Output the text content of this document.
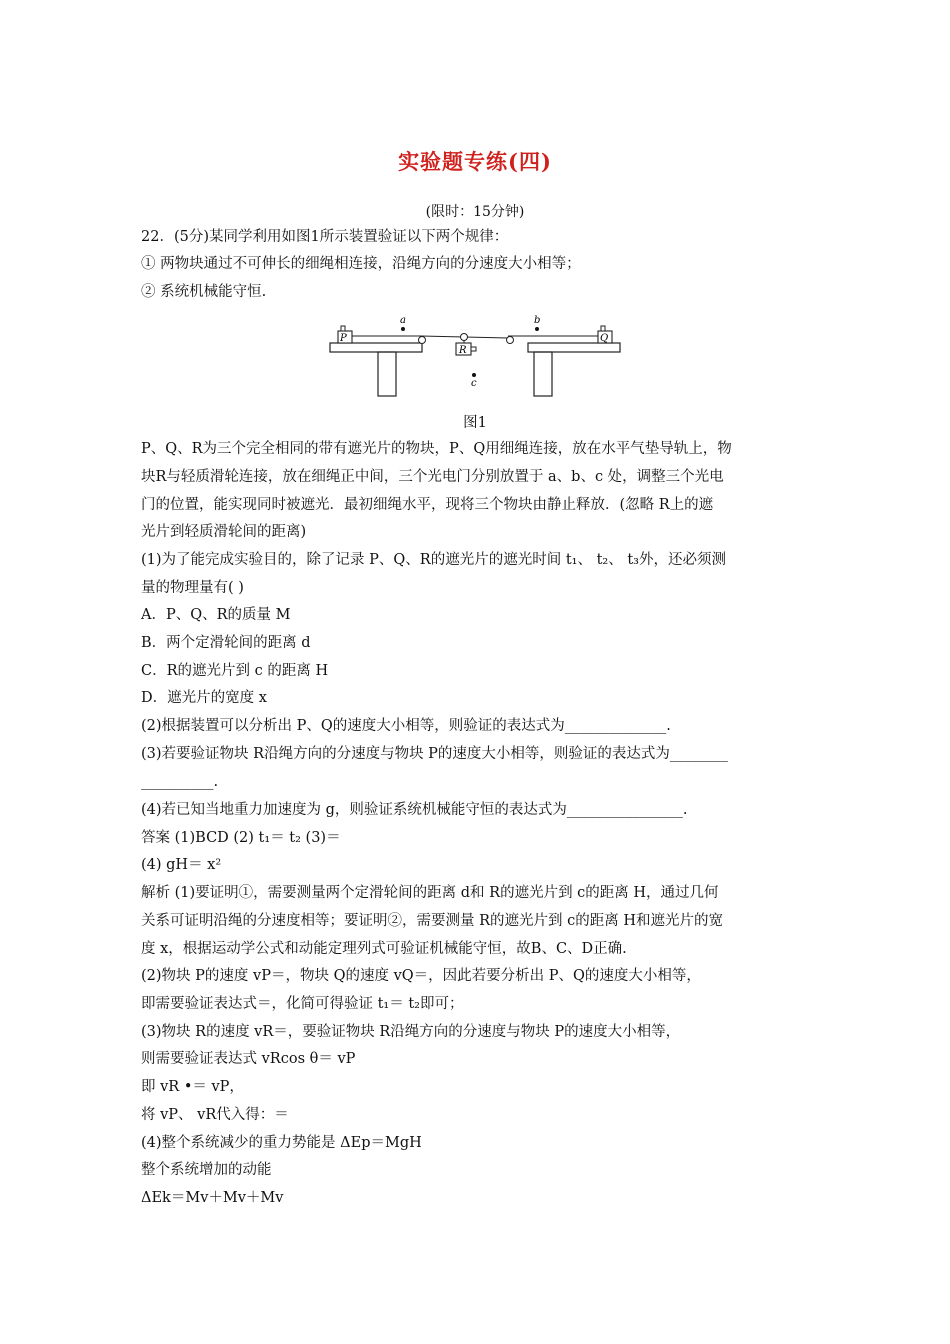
实验题专练(四)
(限时：15分钟)
22．(5分)某同学利用如图1所示装置验证以下两个规律：
① 两物块通过不可伸长的细绳相连接，沿绳方向的分速度大小相等；
② 系统机械能守恒.
P	Q
R
a	b
c
图1
P、Q、R为三个完全相同的带有遮光片的物块，P、Q用细绳连接，放在水平气垫导轨上，物
块R与轻质滑轮连接，放在细绳正中间，三个光电门分别放置于 a、b、c 处，调整三个光电
门的位置，能实现同时被遮光．最初细绳水平，现将三个物块由静止释放．(忽略 R上的遮
光片到轻质滑轮间的距离)
(1)为了能完成实验目的，除了记录 P、Q、R的遮光片的遮光时间 t₁、 t₂、 t₃外，还必须测
量的物理量有( )
A．P、Q、R的质量 M
B．两个定滑轮间的距离 d
C．R的遮光片到 c 的距离 H
D．遮光片的宽度 x
(2)根据装置可以分析出 P、Q的速度大小相等，则验证的表达式为______________.
(3)若要验证物块 R沿绳方向的分速度与物块 P的速度大小相等，则验证的表达式为________
__________.
(4)若已知当地重力加速度为 g，则验证系统机械能守恒的表达式为________________.
答案 (1)BCD (2) t₁＝ t₂ (3)＝
(4) gH＝ x²
解析 (1)要证明①，需要测量两个定滑轮间的距离 d和 R的遮光片到 c的距离 H，通过几何
关系可证明沿绳的分速度相等；要证明②，需要测量 R的遮光片到 c的距离 H和遮光片的宽
度 x，根据运动学公式和动能定理列式可验证机械能守恒，故B、C、D正确.
(2)物块 P的速度 vP＝，物块 Q的速度 vQ＝，因此若要分析出 P、Q的速度大小相等，
即需要验证表达式＝，化简可得验证 t₁＝ t₂即可；
(3)物块 R的速度 vR＝，要验证物块 R沿绳方向的分速度与物块 P的速度大小相等，
则需要验证表达式 vRcos θ＝ vP
即 vR •＝ vP，
将 vP、 vR代入得：＝
(4)整个系统减少的重力势能是 ΔEp＝MgH
整个系统增加的动能
ΔEk＝Mv＋Mv＋Mv
